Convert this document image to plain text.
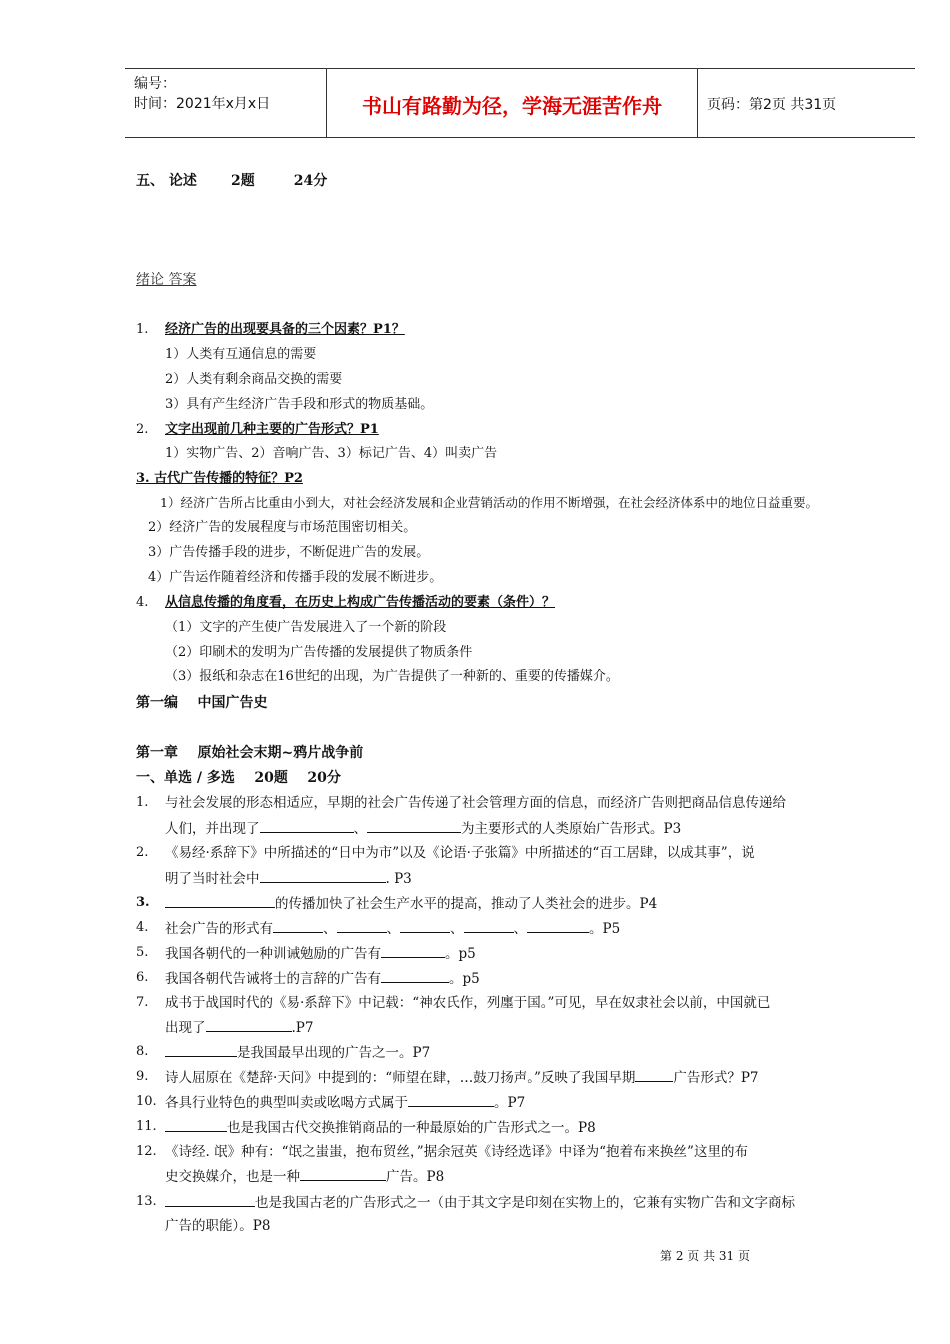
编号：
时间：2021年x月x日	书山有路勤为径，学海无涯苦作舟	页码：第2页 共31页
五、 论述       2题        24分
绪论 答案
1. 经济广告的出现要具备的三个因素？P1？
1）人类有互通信息的需要
2）人类有剩余商品交换的需要
3）具有产生经济广告手段和形式的物质基础。
2. 文字出现前几种主要的广告形式？P1
1）实物广告、2）音响广告、3）标记广告、4）叫卖广告
3. 古代广告传播的特征？P2
1）经济广告所占比重由小到大，对社会经济发展和企业营销活动的作用不断增强，在社会经济体系中的地位日益重要。
2）经济广告的发展程度与市场范围密切相关。
3）广告传播手段的进步，不断促进广告的发展。
4）广告运作随着经济和传播手段的发展不断进步。
4. 从信息传播的角度看，在历史上构成广告传播活动的要素（条件）？
（1）文字的产生使广告发展进入了一个新的阶段
（2）印刷术的发明为广告传播的发展提供了物质条件
（3）报纸和杂志在16世纪的出现，为广告提供了一种新的、重要的传播媒介。
第一编    中国广告史
第一章    原始社会末期~鸦片战争前
一、单选 / 多选    20题    20分
1. 与社会发展的形态相适应，早期的社会广告传递了社会管理方面的信息，而经济广告则把商品信息传递给
人们，并出现了	、	为主要形式的人类原始广告形式。P3
2. 《易经·系辞下》中所描述的“日中为市”以及《论语·子张篇》中所描述的“百工居肆，以成其事”，说
明了当时社会中	. P3
3.	的传播加快了社会生产水平的提高，推动了人类社会的进步。P4
4. 社会广告的形式有	、	、	、	、	。P5
5. 我国各朝代的一种训诫勉励的广告有	。p5
6. 我国各朝代告诫将士的言辞的广告有	。p5
7. 成书于战国时代的《易·系辞下》中记载：“神农氏作，列廛于国。”可见，早在奴隶社会以前，中国就已
出现了	.P7
8.	是我国最早出现的广告之一。P7
9. 诗人屈原在《楚辞·天问》中提到的：“师望在肆，…鼓刀扬声。”反映了我国早期	广告形式？P7
10. 各具行业特色的典型叫卖或吆喝方式属于	。P7
11.	也是我国古代交换推销商品的一种最原始的广告形式之一。P8
12. 《诗经. 氓》种有：“氓之蚩蚩，抱布贸丝，”据余冠英《诗经选译》中译为“抱着布来换丝”这里的布
史交换媒介，也是一种	广告。P8
13.	也是我国古老的广告形式之一（由于其文字是印刻在实物上的，它兼有实物广告和文字商标
广告的职能）。P8
第 2 页 共 31 页
